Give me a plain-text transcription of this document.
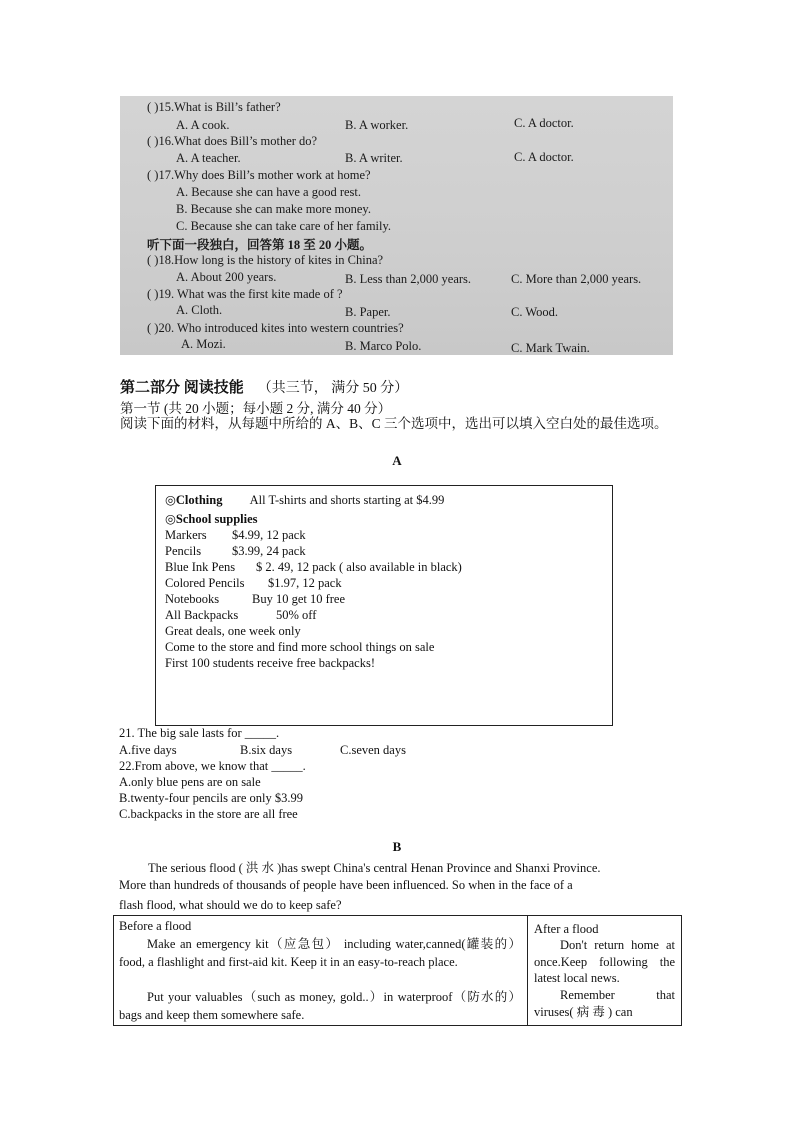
( )15.What is Bill’s father?
A. A cook.	B. A worker.	C. A doctor.
( )16.What does Bill’s mother do?
A. A teacher.	B. A writer.	C. A doctor.
( )17.Why does Bill’s mother work at home?
A. Because she can have a good rest.
B. Because she can make more money.
C. Because she can take care of her family.
听下面一段独白，回答第 18 至 20 小题。
( )18.How long is the history of kites in China?
A. About 200 years.	B. Less than 2,000 years.	C. More than 2,000 years.
( )19. What was the first kite made of ?
A. Cloth.	B. Paper.	C. Wood.
( )20. Who introduced kites into western countries?
A. Mozi.	B. Marco Polo.	C. Mark Twain.
第二部分 阅读技能 （共三节， 满分 50 分）
第一节 (共 20 小题；每小题 2 分, 满分 40 分）
阅读下面的材料，从每题中所给的 A、B、C 三个选项中，选出可以填入空白处的最佳选项。
A
◎Clothing All T-shirts and shorts starting at $4.99
◎School supplies
Markers $4.99, 12 pack
Pencils $3.99, 24 pack
Blue Ink Pens $ 2. 49, 12 pack ( also available in black)
Colored Pencils $1.97, 12 pack
Notebooks	Buy 10 get 10 free
All Backpacks	50% off
Great deals, one week only
Come to the store and find more school things on sale
First 100 students receive free backpacks!
21. The big sale lasts for _____.
A.five days	B.six days	C.seven days
22.From above, we know that _____.
A.only blue pens are on sale
B.twenty-four pencils are only $3.99
C.backpacks in the store are all free
B
The serious flood ( 洪 水 )has swept China's central Henan Province and Shanxi Province.
More than hundreds of thousands of people have been influenced. So when in the face of a
flash flood, what should we do to keep safe?
Before a flood
Make an emergency kit（应急包） including water,canned(罐装的）food, a flashlight and first-aid kit. Keep it in an easy-to-reach place.
Put your valuables（such as money, gold..）in waterproof（防水的）bags and keep them somewhere safe.
After a flood
Don't return home at once.Keep following the latest local news.
Remember that viruses( 病 毒 ) can
